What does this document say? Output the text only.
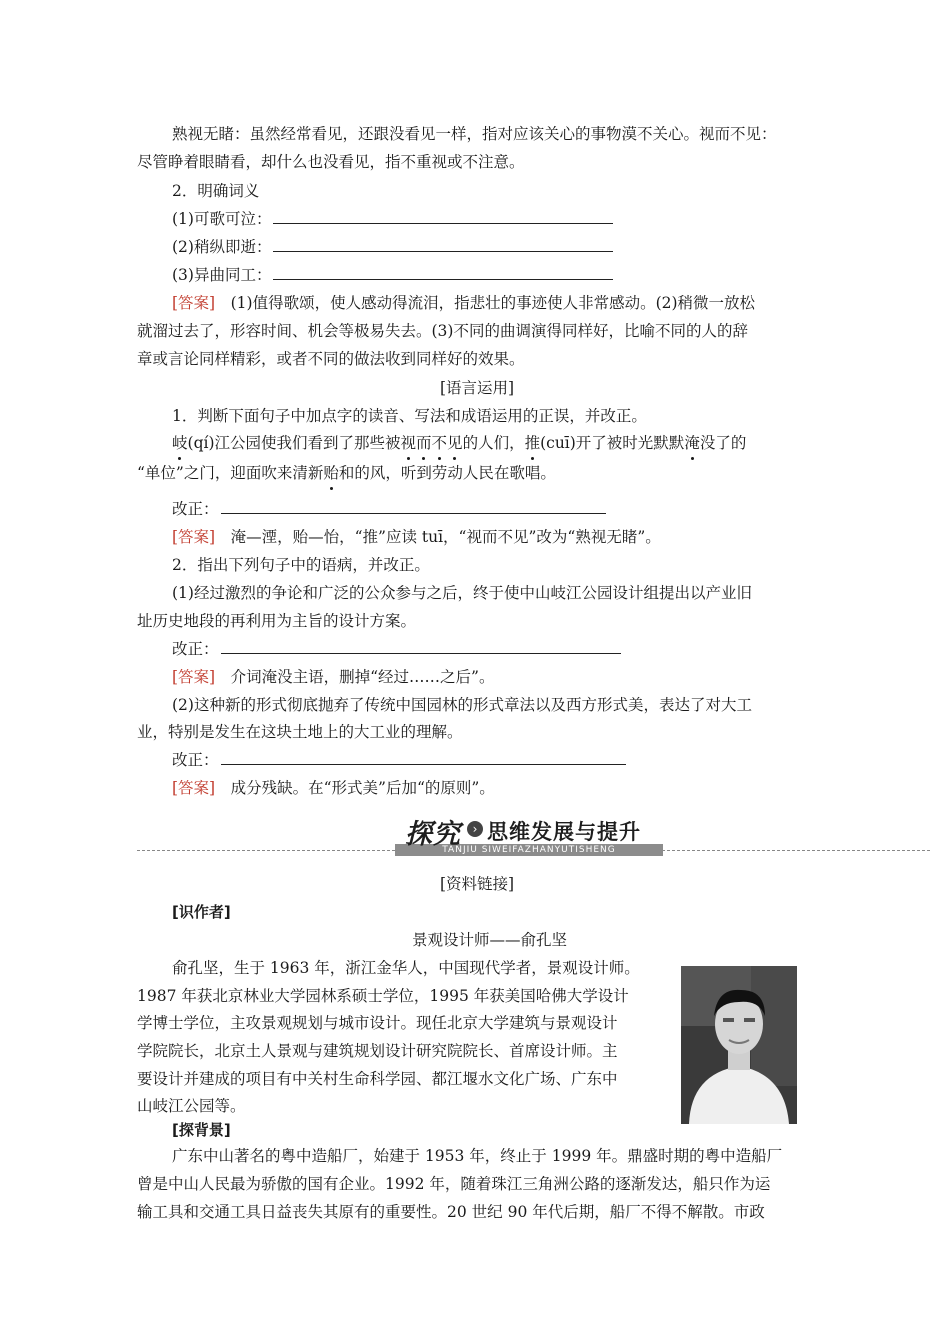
熟视无睹：虽然经常看见，还跟没看见一样，指对应该关心的事物漠不关心。视而不见：
尽管睁着眼睛看，却什么也没看见，指不重视或不注意。
2．明确词义
(1)可歌可泣：
(2)稍纵即逝：
(3)异曲同工：
[答案]　(1)值得歌颂，使人感动得流泪，指悲壮的事迹使人非常感动。(2)稍微一放松
就溜过去了，形容时间、机会等极易失去。(3)不同的曲调演得同样好，比喻不同的人的辞
章或言论同样精彩，或者不同的做法收到同样好的效果。
[语言运用]
1．判断下面句子中加点字的读音、写法和成语运用的正误，并改正。
岐(qí)江公园使我们看到了那些被视而不见的人们，推(cuī)开了被时光默默淹没了的
“单位”之门，迎面吹来清新贻和的风，听到劳动人民在歌唱。
改正：
[答案]　淹—湮，贻—怡，“推”应读 tuī，“视而不见”改为“熟视无睹”。
2．指出下列句子中的语病，并改正。
(1)经过激烈的争论和广泛的公众参与之后，终于使中山岐江公园设计组提出以产业旧
址历史地段的再利用为主旨的设计方案。
改正：
[答案]　介词淹没主语，删掉“经过……之后”。
(2)这种新的形式彻底抛弃了传统中国园林的形式章法以及西方形式美，表达了对大工
业，特别是发生在这块土地上的大工业的理解。
改正：
[答案]　成分残缺。在“形式美”后加“的原则”。
TANJIU SIWEIFAZHANYUTISHENG
探究 › 思维发展与提升
[资料链接]
[识作者]
景观设计师——俞孔坚
俞孔坚，生于 1963 年，浙江金华人，中国现代学者，景观设计师。
1987 年获北京林业大学园林系硕士学位，1995 年获美国哈佛大学设计
学博士学位，主攻景观规划与城市设计。现任北京大学建筑与景观设计
学院院长，北京土人景观与建筑规划设计研究院院长、首席设计师。主
要设计并建成的项目有中关村生命科学园、都江堰水文化广场、广东中
山岐江公园等。
[探背景]
广东中山著名的粤中造船厂，始建于 1953 年，终止于 1999 年。鼎盛时期的粤中造船厂
曾是中山人民最为骄傲的国有企业。1992 年，随着珠江三角洲公路的逐渐发达，船只作为运
输工具和交通工具日益丧失其原有的重要性。20 世纪 90 年代后期，船厂不得不解散。市政
